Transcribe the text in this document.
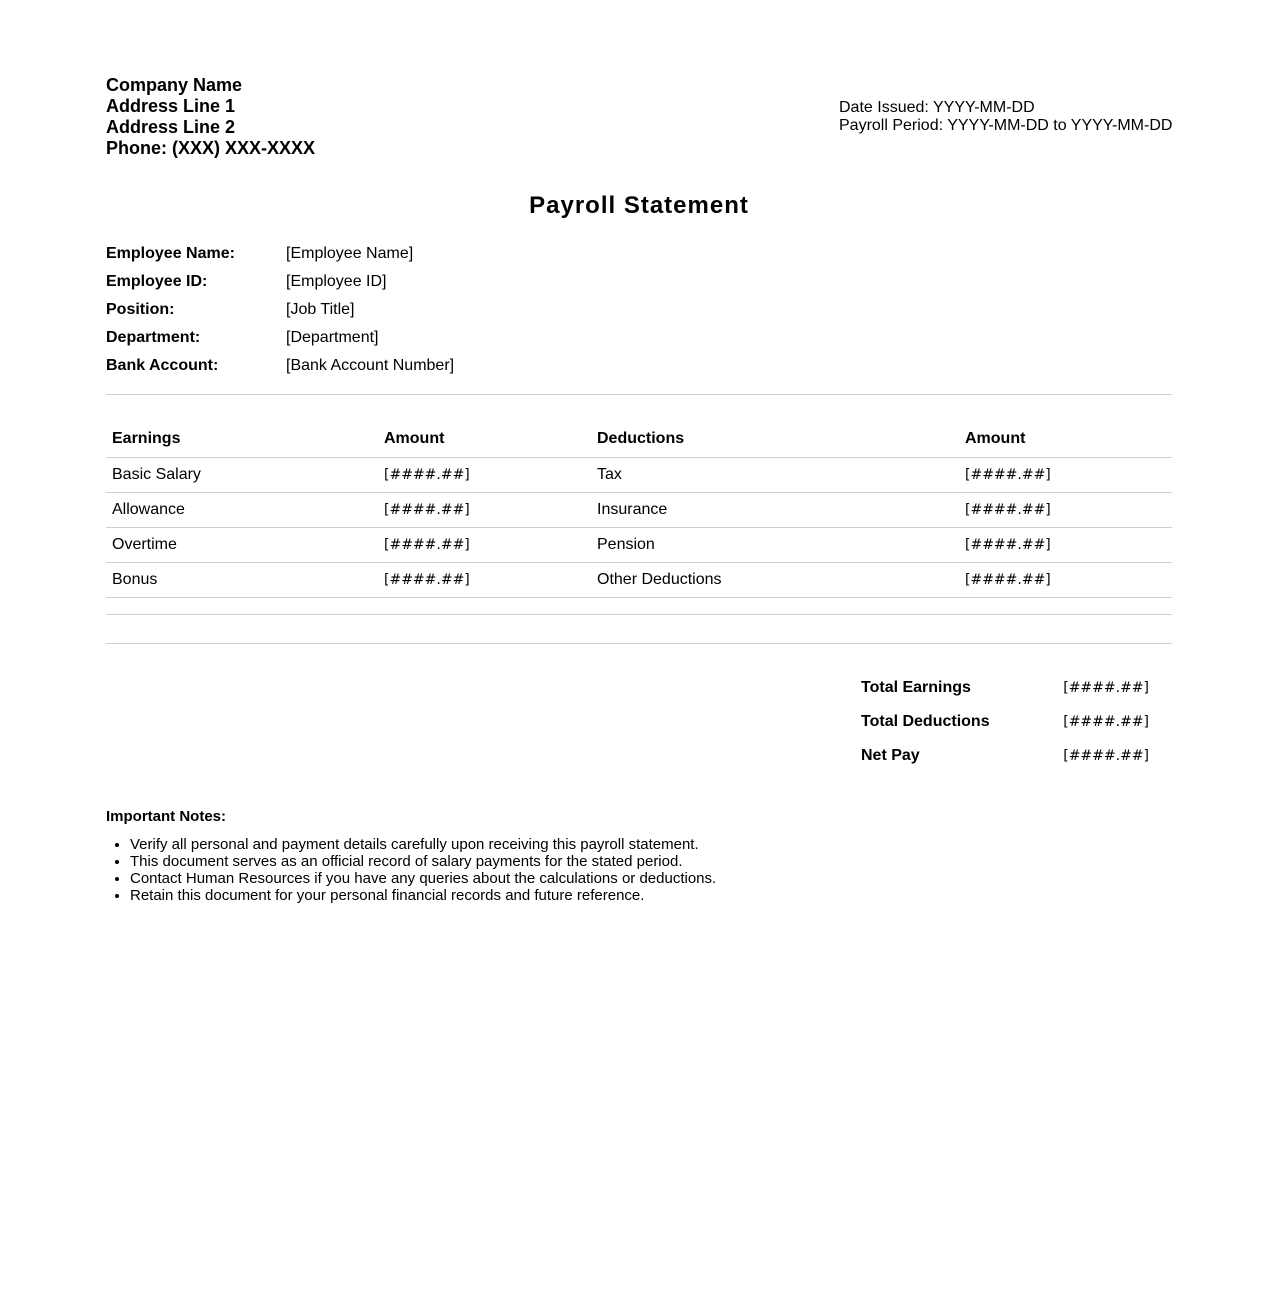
Company Name
Address Line 1
Address Line 2
Phone: (XXX) XXX-XXXX
Date Issued: YYYY-MM-DD
Payroll Period: YYYY-MM-DD to YYYY-MM-DD
Payroll Statement
Employee Name:	[Employee Name]
Employee ID:	[Employee ID]
Position:	[Job Title]
Department:	[Department]
Bank Account:	[Bank Account Number]
Earnings	Amount	Deductions	Amount
Basic Salary	[####.##]	Tax	[####.##]
Allowance	[####.##]	Insurance	[####.##]
Overtime	[####.##]	Pension	[####.##]
Bonus	[####.##]	Other Deductions	[####.##]
Total Earnings	[####.##]
Total Deductions	[####.##]
Net Pay	[####.##]
Important Notes:
• Verify all personal and payment details carefully upon receiving this payroll statement.
• This document serves as an official record of salary payments for the stated period.
• Contact Human Resources if you have any queries about the calculations or deductions.
• Retain this document for your personal financial records and future reference.
